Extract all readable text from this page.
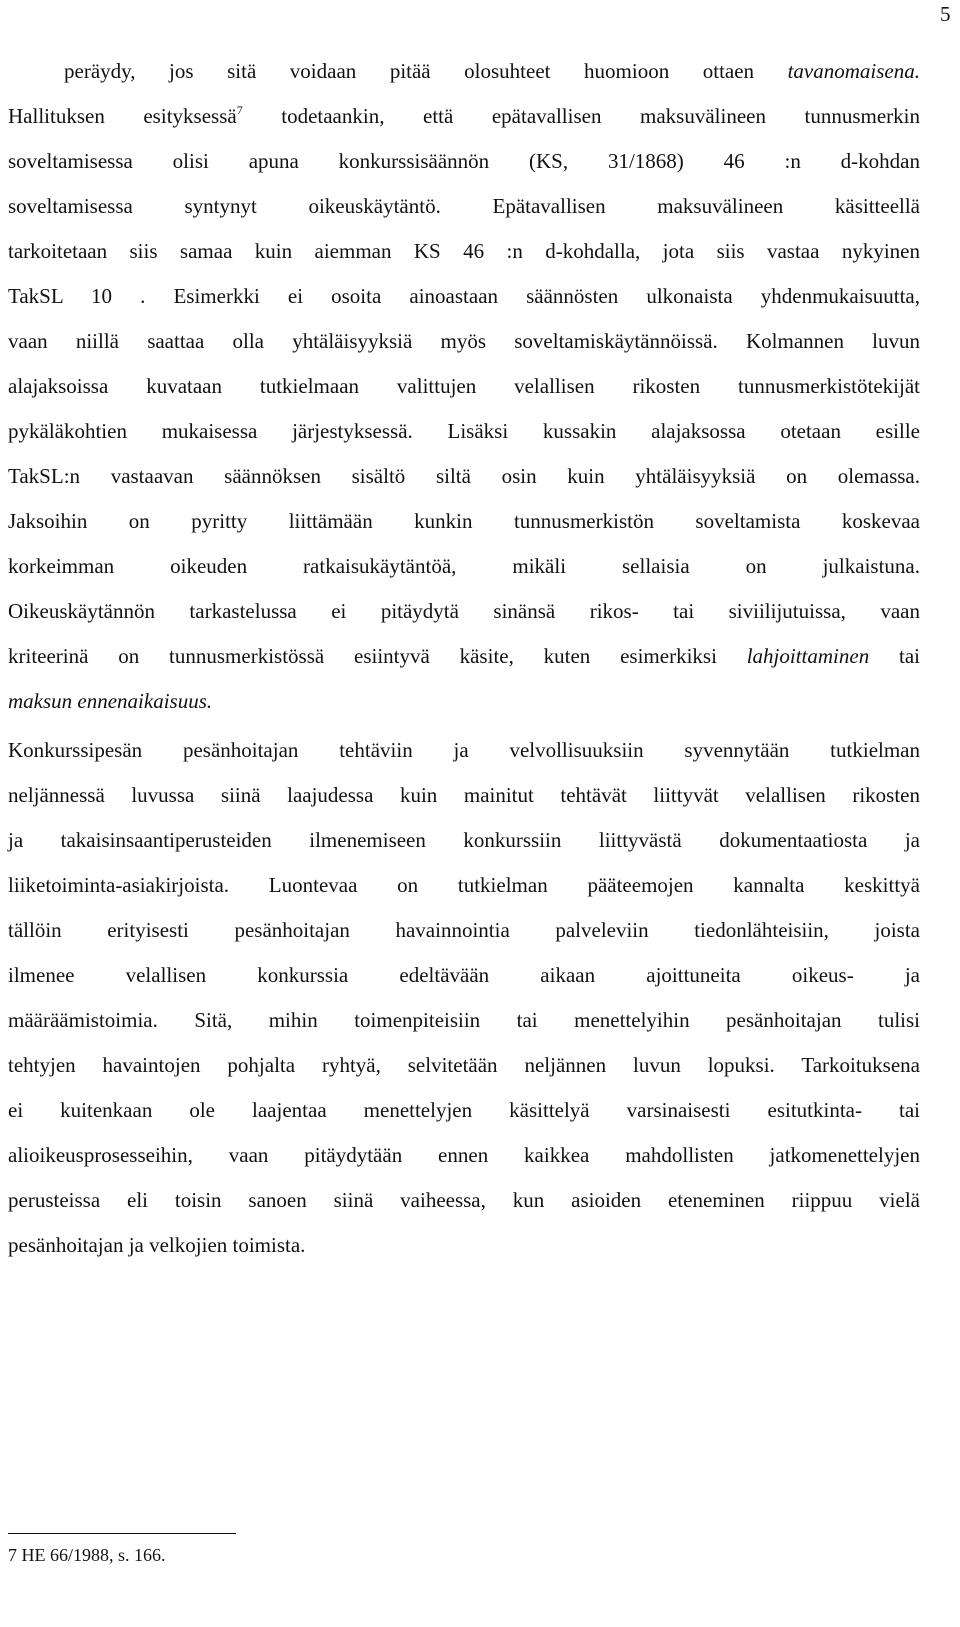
5
peräydy, jos sitä voidaan pitää olosuhteet huomioon ottaen tavanomaisena.
Hallituksen esityksessä$^7$ todetaankin, että epätavallisen maksuvälineen tunnusmerkin
soveltamisessa olisi apuna konkurssisäännön (KS, 31/1868) 46 :n d-kohdan
soveltamisessa syntynyt oikeuskäytäntö. Epätavallisen maksuvälineen käsitteellä
tarkoitetaan siis samaa kuin aiemman KS 46 :n d-kohdalla, jota siis vastaa nykyinen
TakSL 10 . Esimerkki ei osoita ainoastaan säännösten ulkonaista yhdenmukaisuutta,
vaan niillä saattaa olla yhtäläisyyksiä myös soveltamiskäytännöissä. Kolmannen luvun
alajaksoissa kuvataan tutkielmaan valittujen velallisen rikosten tunnusmerkistötekijät
pykäläkohtien mukaisessa järjestyksessä. Lisäksi kussakin alajaksossa otetaan esille
TakSL:n vastaavan säännöksen sisältö siltä osin kuin yhtäläisyyksiä on olemassa.
Jaksoihin on pyritty liittämään kunkin tunnusmerkistön soveltamista koskevaa
korkeimman oikeuden ratkaisukäytäntöä, mikäli sellaisia on julkaistuna.
Oikeuskäytännön tarkastelussa ei pitäydytä sinänsä rikos- tai siviilijutuissa, vaan
kriteerinä on tunnusmerkistössä esiintyvä käsite, kuten esimerkiksi lahjoittaminen tai
maksun ennenaikaisuus.
Konkurssipesän pesänhoitajan tehtäviin ja velvollisuuksiin syvennytään tutkielman
neljännessä luvussa siinä laajudessa kuin mainitut tehtävät liittyvät velallisen rikosten
ja takaisinsaantiperusteiden ilmenemiseen konkurssiin liittyvästä dokumentaatiosta ja
liiketoiminta-asiakirjoista. Luontevaa on tutkielman pääteemojen kannalta keskittyä
tällöin erityisesti pesänhoitajan havainnointia palveleviin tiedonlähteisiin, joista
ilmenee velallisen konkurssia edeltävään aikaan ajoittuneita oikeus- ja
määräämistoimia. Sitä, mihin toimenpiteisiin tai menettelyihin pesänhoitajan tulisi
tehtyjen havaintojen pohjalta ryhtyä, selvitetään neljännen luvun lopuksi. Tarkoituksena
ei kuitenkaan ole laajentaa menettelyjen käsittelyä varsinaisesti esitutkinta- tai
alioikeusprosesseihin, vaan pitäydytään ennen kaikkea mahdollisten jatkomenettelyjen
perusteissa eli toisin sanoen siinä vaiheessa, kun asioiden eteneminen riippuu vielä
pesänhoitajan ja velkojien toimista.
7 HE 66/1988, s. 166.
